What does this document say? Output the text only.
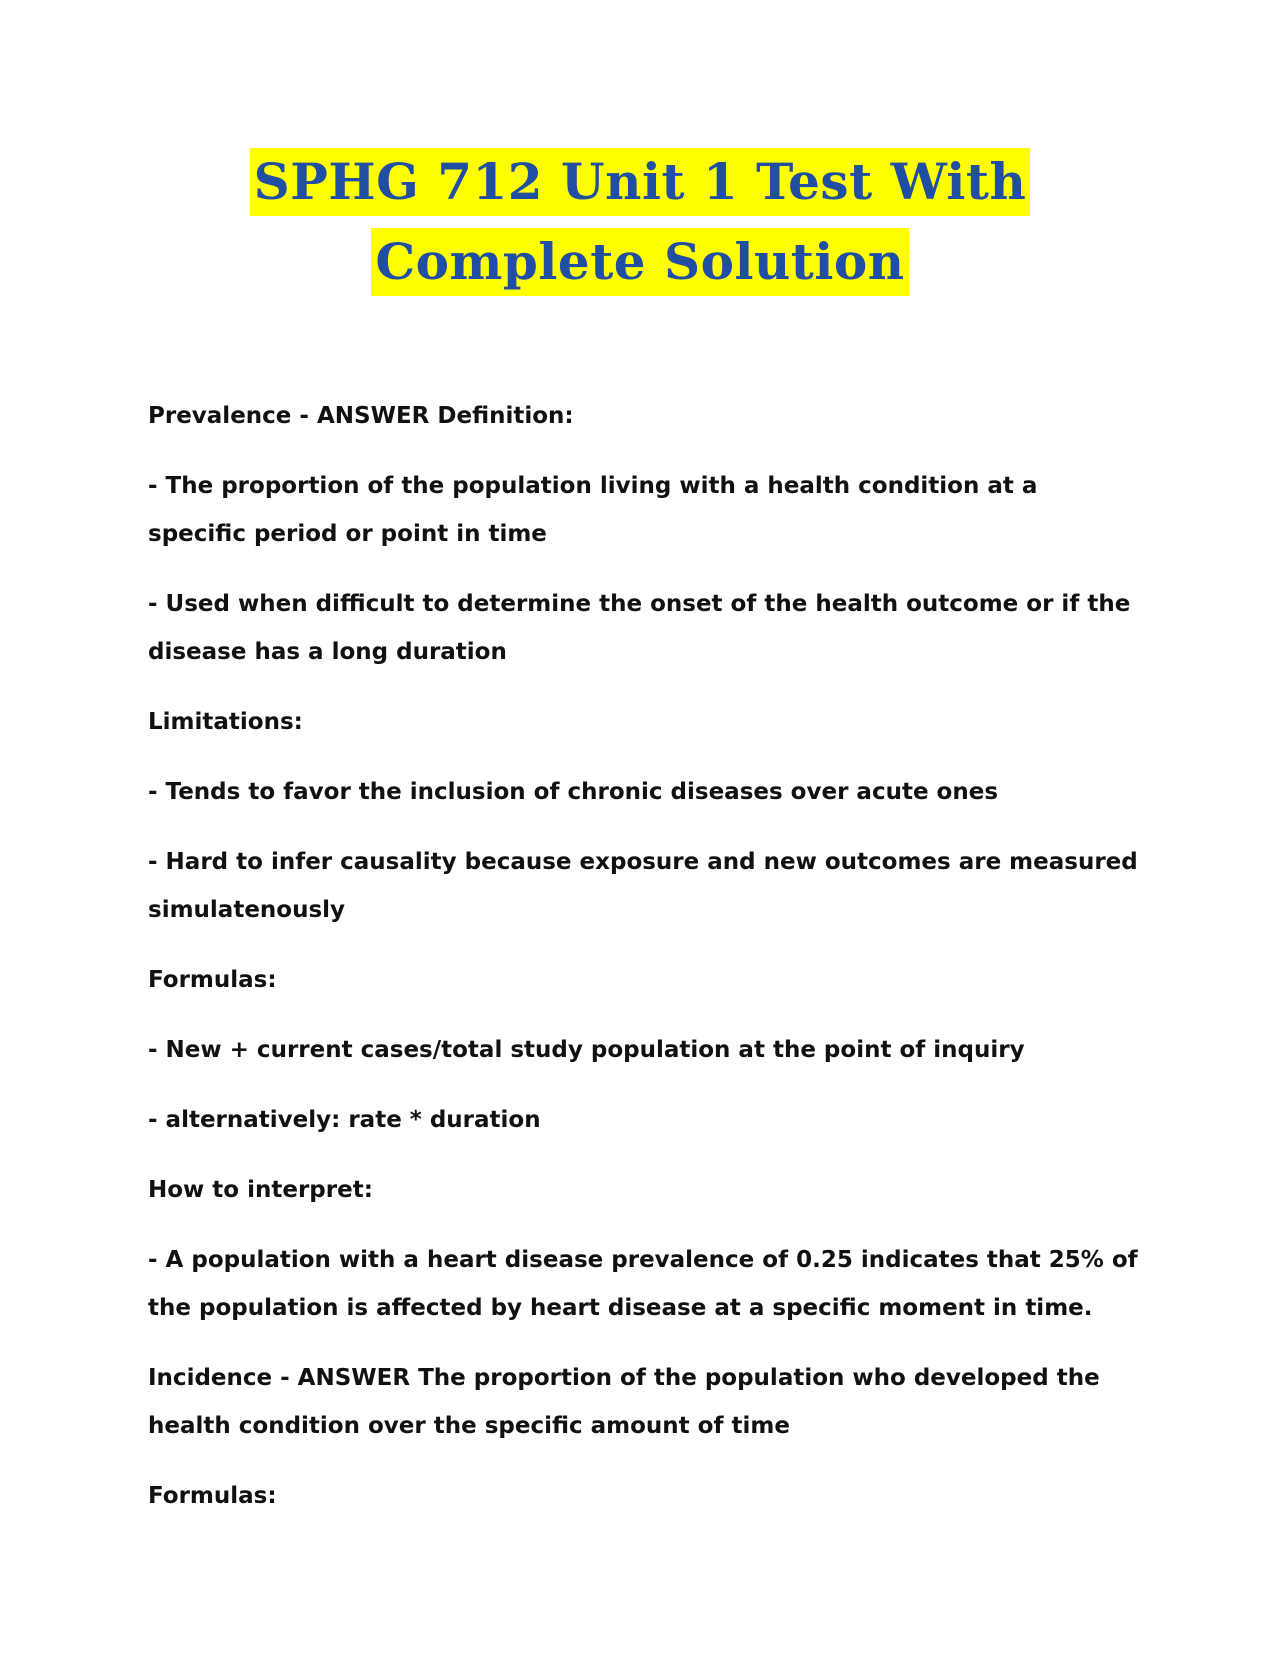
SPHG 712 Unit 1 Test With
Complete Solution

Prevalence - ANSWER Definition:

- The proportion of the population living with a health condition at a specific period or point in time

- Used when difficult to determine the onset of the health outcome or if the disease has a long duration

Limitations:

- Tends to favor the inclusion of chronic diseases over acute ones

- Hard to infer causality because exposure and new outcomes are measured simulatenously

Formulas:

- New + current cases/total study population at the point of inquiry

- alternatively: rate * duration

How to interpret:

- A population with a heart disease prevalence of 0.25 indicates that 25% of the population is affected by heart disease at a specific moment in time.

Incidence - ANSWER The proportion of the population who developed the health condition over the specific amount of time

Formulas:
